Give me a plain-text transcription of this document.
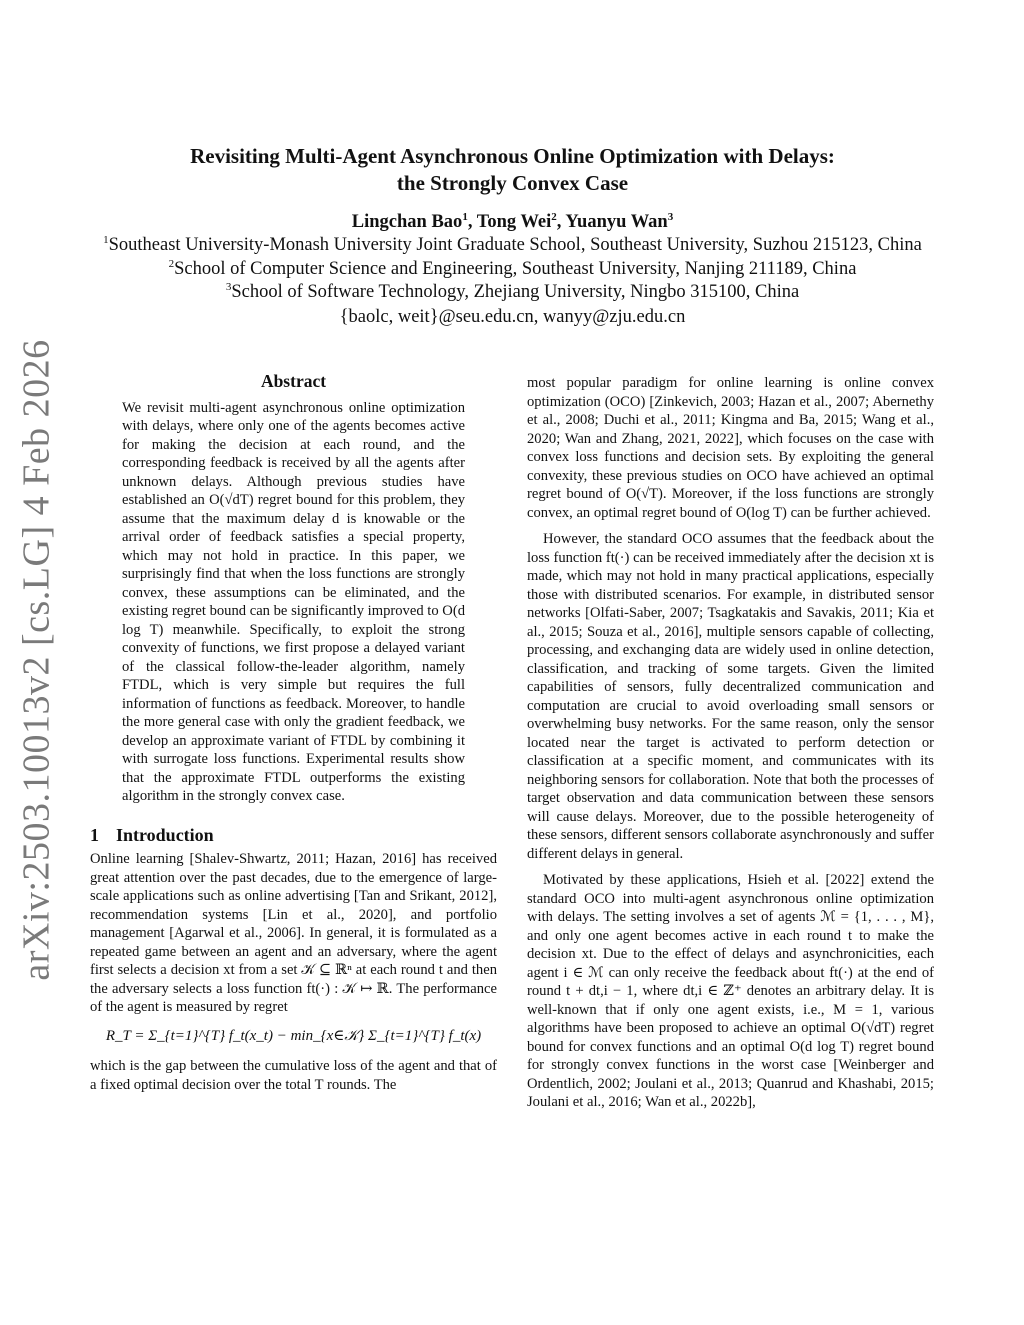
arXiv:2503.10013v2 [cs.LG] 4 Feb 2026
Revisiting Multi-Agent Asynchronous Online Optimization with Delays:
the Strongly Convex Case
Lingchan Bao$^1$, Tong Wei$^2$, Yuanyu Wan$^3$
$^1$Southeast University-Monash University Joint Graduate School, Southeast University, Suzhou 215123, China
$^2$School of Computer Science and Engineering, Southeast University, Nanjing 211189, China
$^3$School of Software Technology, Zhejiang University, Ningbo 315100, China
{baolc, weit}@seu.edu.cn, wanyy@zju.edu.cn
Abstract

We revisit multi-agent asynchronous online optimization with delays, where only one of the agents becomes active for making the decision at each round, and the corresponding feedback is received by all the agents after unknown delays. Although previous studies have established an O(√dT) regret bound for this problem, they assume that the maximum delay d is knowable or the arrival order of feedback satisfies a special property, which may not hold in practice. In this paper, we surprisingly find that when the loss functions are strongly convex, these assumptions can be eliminated, and the existing regret bound can be significantly improved to O(d log T) meanwhile. Specifically, to exploit the strong convexity of functions, we first propose a delayed variant of the classical follow-the-leader algorithm, namely FTDL, which is very simple but requires the full information of functions as feedback. Moreover, to handle the more general case with only the gradient feedback, we develop an approximate variant of FTDL by combining it with surrogate loss functions. Experimental results show that the approximate FTDL outperforms the existing algorithm in the strongly convex case.

1 Introduction

Online learning [Shalev-Shwartz, 2011; Hazan, 2016] has received great attention over the past decades, due to the emergence of large-scale applications such as online advertising [Tan and Srikant, 2012], recommendation systems [Lin et al., 2020], and portfolio management [Agarwal et al., 2006]. In general, it is formulated as a repeated game between an agent and an adversary, where the agent first selects a decision xt from a set 𝒦 ⊆ ℝⁿ at each round t and then the adversary selects a loss function ft(·) : 𝒦 ↦ ℝ. The performance of the agent is measured by regret

R_T = Σ_{t=1}^{T} f_t(x_t) − min_{x∈𝒦} Σ_{t=1}^{T} f_t(x)

which is the gap between the cumulative loss of the agent and that of a fixed optimal decision over the total T rounds. The

most popular paradigm for online learning is online convex optimization (OCO) [Zinkevich, 2003; Hazan et al., 2007; Abernethy et al., 2008; Duchi et al., 2011; Kingma and Ba, 2015; Wang et al., 2020; Wan and Zhang, 2021, 2022], which focuses on the case with convex loss functions and decision sets. By exploiting the general convexity, these previous studies on OCO have achieved an optimal regret bound of O(√T). Moreover, if the loss functions are strongly convex, an optimal regret bound of O(log T) can be further achieved.

However, the standard OCO assumes that the feedback about the loss function ft(·) can be received immediately after the decision xt is made, which may not hold in many practical applications, especially those with distributed scenarios. For example, in distributed sensor networks [Olfati-Saber, 2007; Tsagkatakis and Savakis, 2011; Kia et al., 2015; Souza et al., 2016], multiple sensors capable of collecting, processing, and exchanging data are widely used in online detection, classification, and tracking of some targets. Given the limited capabilities of sensors, fully decentralized communication and computation are crucial to avoid overloading small sensors or overwhelming busy networks. For the same reason, only the sensor located near the target is activated to perform detection or classification at a specific moment, and communicates with its neighboring sensors for collaboration. Note that both the processes of target observation and data communication between these sensors will cause delays. Moreover, due to the possible heterogeneity of these sensors, different sensors collaborate asynchronously and suffer different delays in general.

Motivated by these applications, Hsieh et al. [2022] extend the standard OCO into multi-agent asynchronous online optimization with delays. The setting involves a set of agents ℳ = {1, . . . , M}, and only one agent becomes active in each round t to make the decision xt. Due to the effect of delays and asynchronicities, each agent i ∈ ℳ can only receive the feedback about ft(·) at the end of round t + dt,i − 1, where dt,i ∈ ℤ⁺ denotes an arbitrary delay. It is well-known that if only one agent exists, i.e., M = 1, various algorithms have been proposed to achieve an optimal O(√dT) regret bound for convex functions and an optimal O(d log T) regret bound for strongly convex functions in the worst case [Weinberger and Ordentlich, 2002; Joulani et al., 2013; Quanrud and Khashabi, 2015; Joulani et al., 2016; Wan et al., 2022b],
